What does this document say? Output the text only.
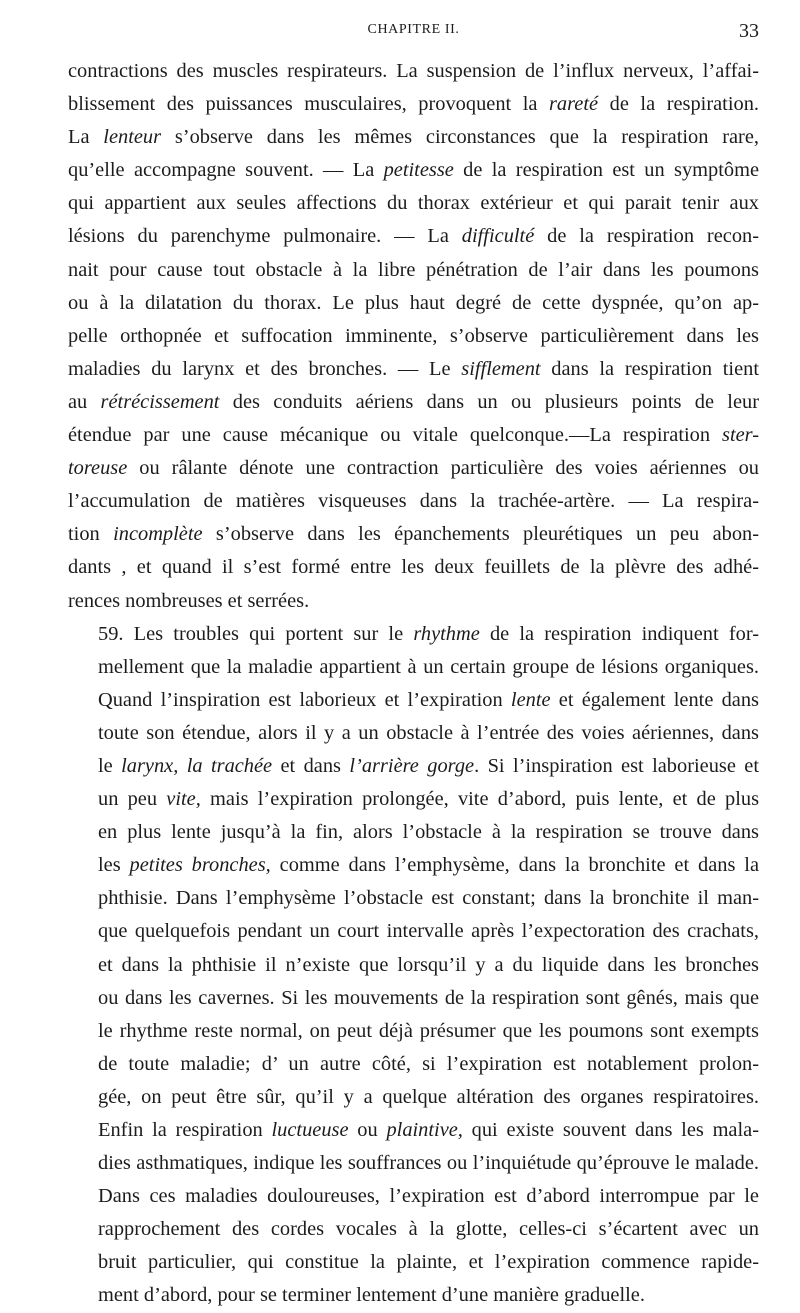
CHAPITRE II.	33

contractions des muscles respirateurs. La suspension de l’influx nerveux, l’affai-
blissement des puissances musculaires, provoquent la rareté de la respiration.
La lenteur s’observe dans les mêmes circonstances que la respiration rare,
qu’elle accompagne souvent. — La petitesse de la respiration est un symptôme
qui appartient aux seules affections du thorax extérieur et qui parait tenir aux
lésions du parenchyme pulmonaire. — La difficulté de la respiration recon-
nait pour cause tout obstacle à la libre pénétration de l’air dans les poumons
ou à la dilatation du thorax. Le plus haut degré de cette dyspnée, qu’on ap-
pelle orthopnée et suffocation imminente, s’observe particulièrement dans les
maladies du larynx et des bronches. — Le sifflement dans la respiration tient
au rétrécissement des conduits aériens dans un ou plusieurs points de leur
étendue par une cause mécanique ou vitale quelconque.—La respiration ster-
toreuse ou râlante dénote une contraction particulière des voies aériennes ou
l’accumulation de matières visqueuses dans la trachée-artère. — La respira-
tion incomplète s’observe dans les épanchements pleurétiques un peu abon-
dants , et quand il s’est formé entre les deux feuillets de la plèvre des adhé-
rences nombreuses et serrées.

59. Les troubles qui portent sur le rhythme de la respiration indiquent for-
mellement que la maladie appartient à un certain groupe de lésions organiques.
Quand l’inspiration est laborieux et l’expiration lente et également lente dans
toute son étendue, alors il y a un obstacle à l’entrée des voies aériennes, dans
le larynx, la trachée et dans l’arrière gorge. Si l’inspiration est laborieuse et
un peu vite, mais l’expiration prolongée, vite d’abord, puis lente, et de plus
en plus lente jusqu’à la fin, alors l’obstacle à la respiration se trouve dans
les petites bronches, comme dans l’emphysème, dans la bronchite et dans la
phthisie. Dans l’emphysème l’obstacle est constant; dans la bronchite il man-
que quelquefois pendant un court intervalle après l’expectoration des crachats,
et dans la phthisie il n’existe que lorsqu’il y a du liquide dans les bronches
ou dans les cavernes. Si les mouvements de la respiration sont gênés, mais que
le rhythme reste normal, on peut déjà présumer que les poumons sont exempts
de toute maladie; d’ un autre côté, si l’expiration est notablement prolon-
gée, on peut être sûr, qu’il y a quelque altération des organes respiratoires.
Enfin la respiration luctueuse ou plaintive, qui existe souvent dans les mala-
dies asthmatiques, indique les souffrances ou l’inquiétude qu’éprouve le malade.
Dans ces maladies douloureuses, l’expiration est d’abord interrompue par le
rapprochement des cordes vocales à la glotte, celles-ci s’écartent avec un
bruit particulier, qui constitue la plainte, et l’expiration commence rapide-
ment d’abord, pour se terminer lentement d’une manière graduelle.
